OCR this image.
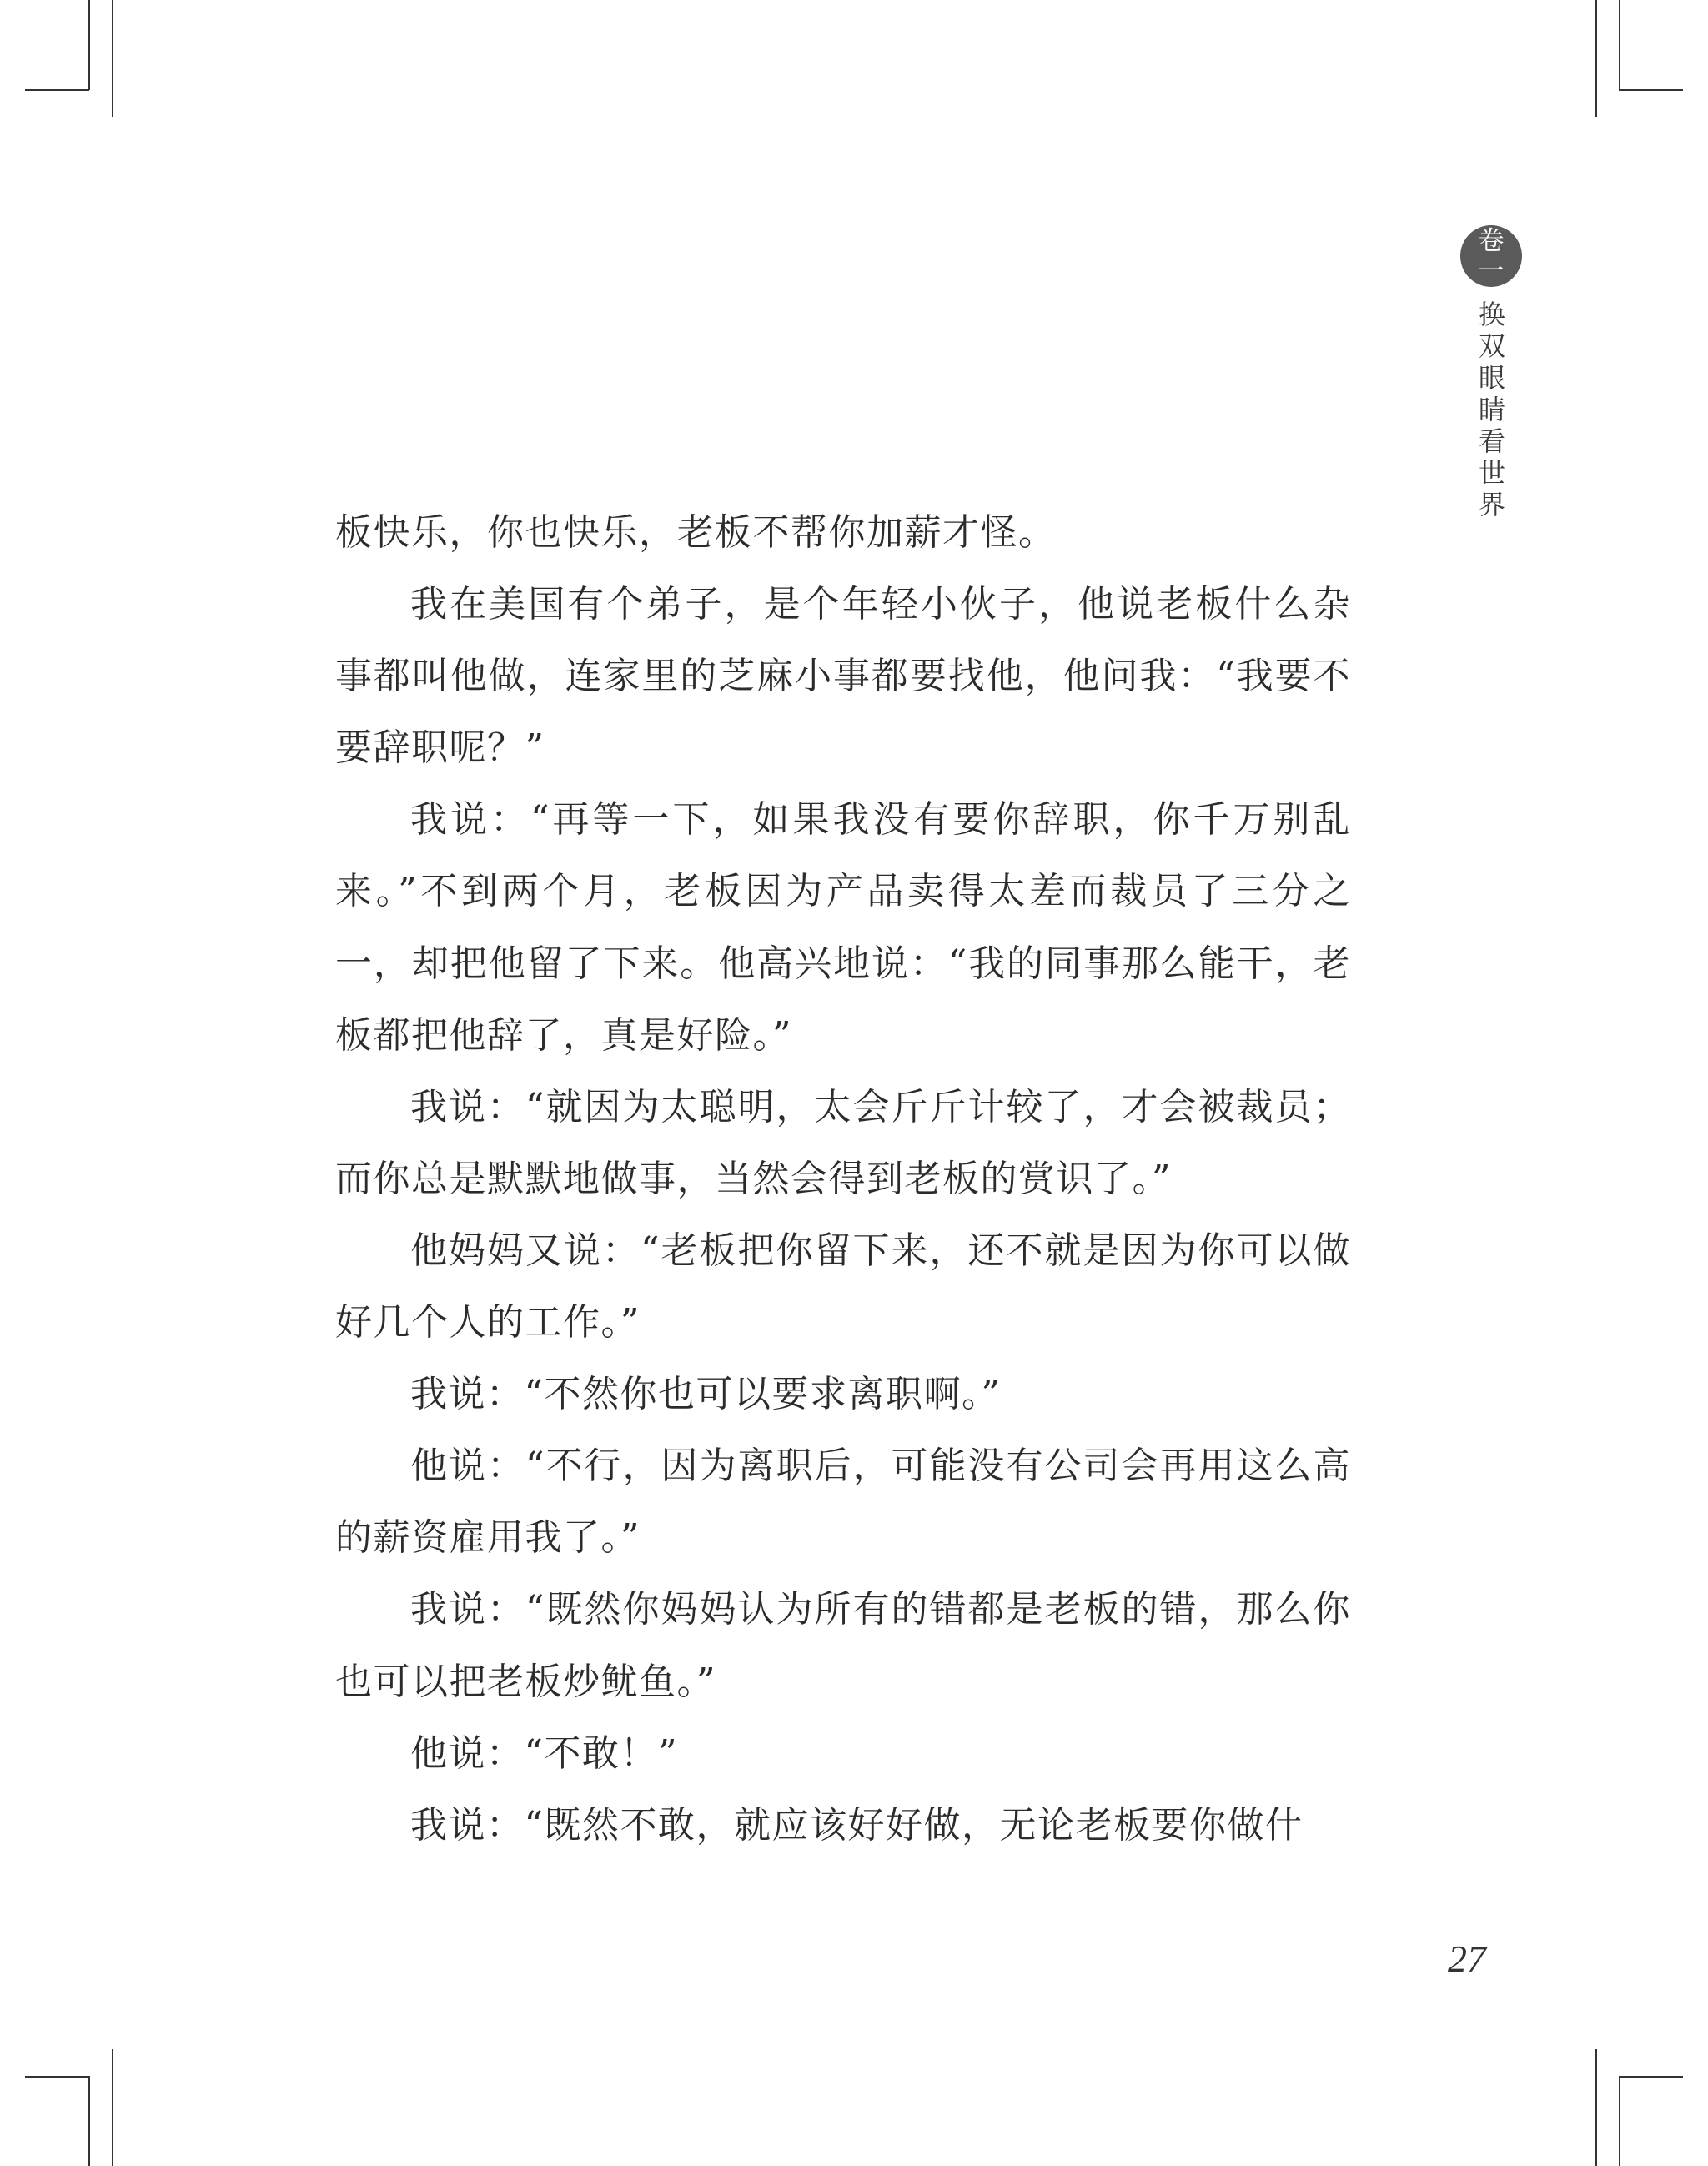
卷
一
换双眼睛看世界

板快乐，你也快乐，老板不帮你加薪才怪。

我在美国有个弟子，是个年轻小伙子，他说老板什么杂事都叫他做，连家里的芝麻小事都要找他，他问我：“我要不要辞职呢？”

我说：“再等一下，如果我没有要你辞职，你千万别乱来。”不到两个月，老板因为产品卖得太差而裁员了三分之一，却把他留了下来。他高兴地说：“我的同事那么能干，老板都把他辞了，真是好险。”

我说：“就因为太聪明，太会斤斤计较了，才会被裁员；而你总是默默地做事，当然会得到老板的赏识了。”

他妈妈又说：“老板把你留下来，还不就是因为你可以做好几个人的工作。”

我说：“不然你也可以要求离职啊。”

他说：“不行，因为离职后，可能没有公司会再用这么高的薪资雇用我了。”

我说：“既然你妈妈认为所有的错都是老板的错，那么你也可以把老板炒鱿鱼。”

他说：“不敢！”

我说：“既然不敢，就应该好好做，无论老板要你做什

27
